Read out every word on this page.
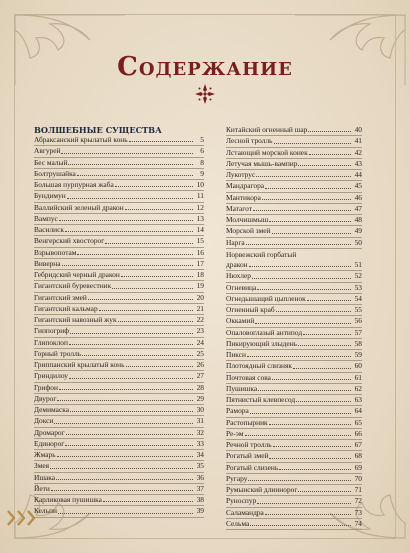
Содержание
ВОЛШЕБНЫЕ СУЩЕСТВА
Абраксанский крылатый конь	5
Авгурей	6
Бес малый	8
Болтрушайка	9
Большая пурпурная жаба	10
Бундимун	11
Валлийский зеленый дракон	12
Вампус	13
Василиск	14
Венгерский хвосторог	15
Взрывопотам	16
Виверна	17
Гебридский черный дракон	18
Гигантский буревестник	19
Гигантский змей	20
Гигантский кальмар	21
Гигантский навозный жук	22
Гиппогриф	23
Глипоклоп	24
Горный тролль	25
Гриппанский крылатый конь	26
Гриндилоу	27
Грифон	28
Двурог	29
Демимаска	30
Докси	31
Дромарог	32
Единорог	33
Жмарь	34
Змея	35
Ишака	36
Йети	37
Карликовая пушишка	38
Кельпи	39
Китайский огненный шар	40
Лесной тролль	41
Лстающий морской конек	42
Летучая мышь-вампир	43
Лукотрус	44
Мандрагора	45
Мантикора	46
Матагот	47
Молчишмыш	48
Морской змей	49
Нарга	50
Норвежский горбатый
дракон	51
Нюхлер	52
Огневица	53
Огнедышащий цыпленок	54
Огненный краб	55
Оккамий	56
Опаловоглазый антипод	57
Пикирующий злыдень	58
Пикси	59
Плотоядный слизняк	60
Почтовая сова	61
Пушишка	62
Пятнистый клевпесод	63
Рамора	64
Растопырник	65
Ре-эм	66
Речной тролль	67
Рогатый змей	68
Рогатый слизень	69
Ругару	70
Румынский длиннорог	71
Руноспур	72
Саламандра	73
Сельма	74
